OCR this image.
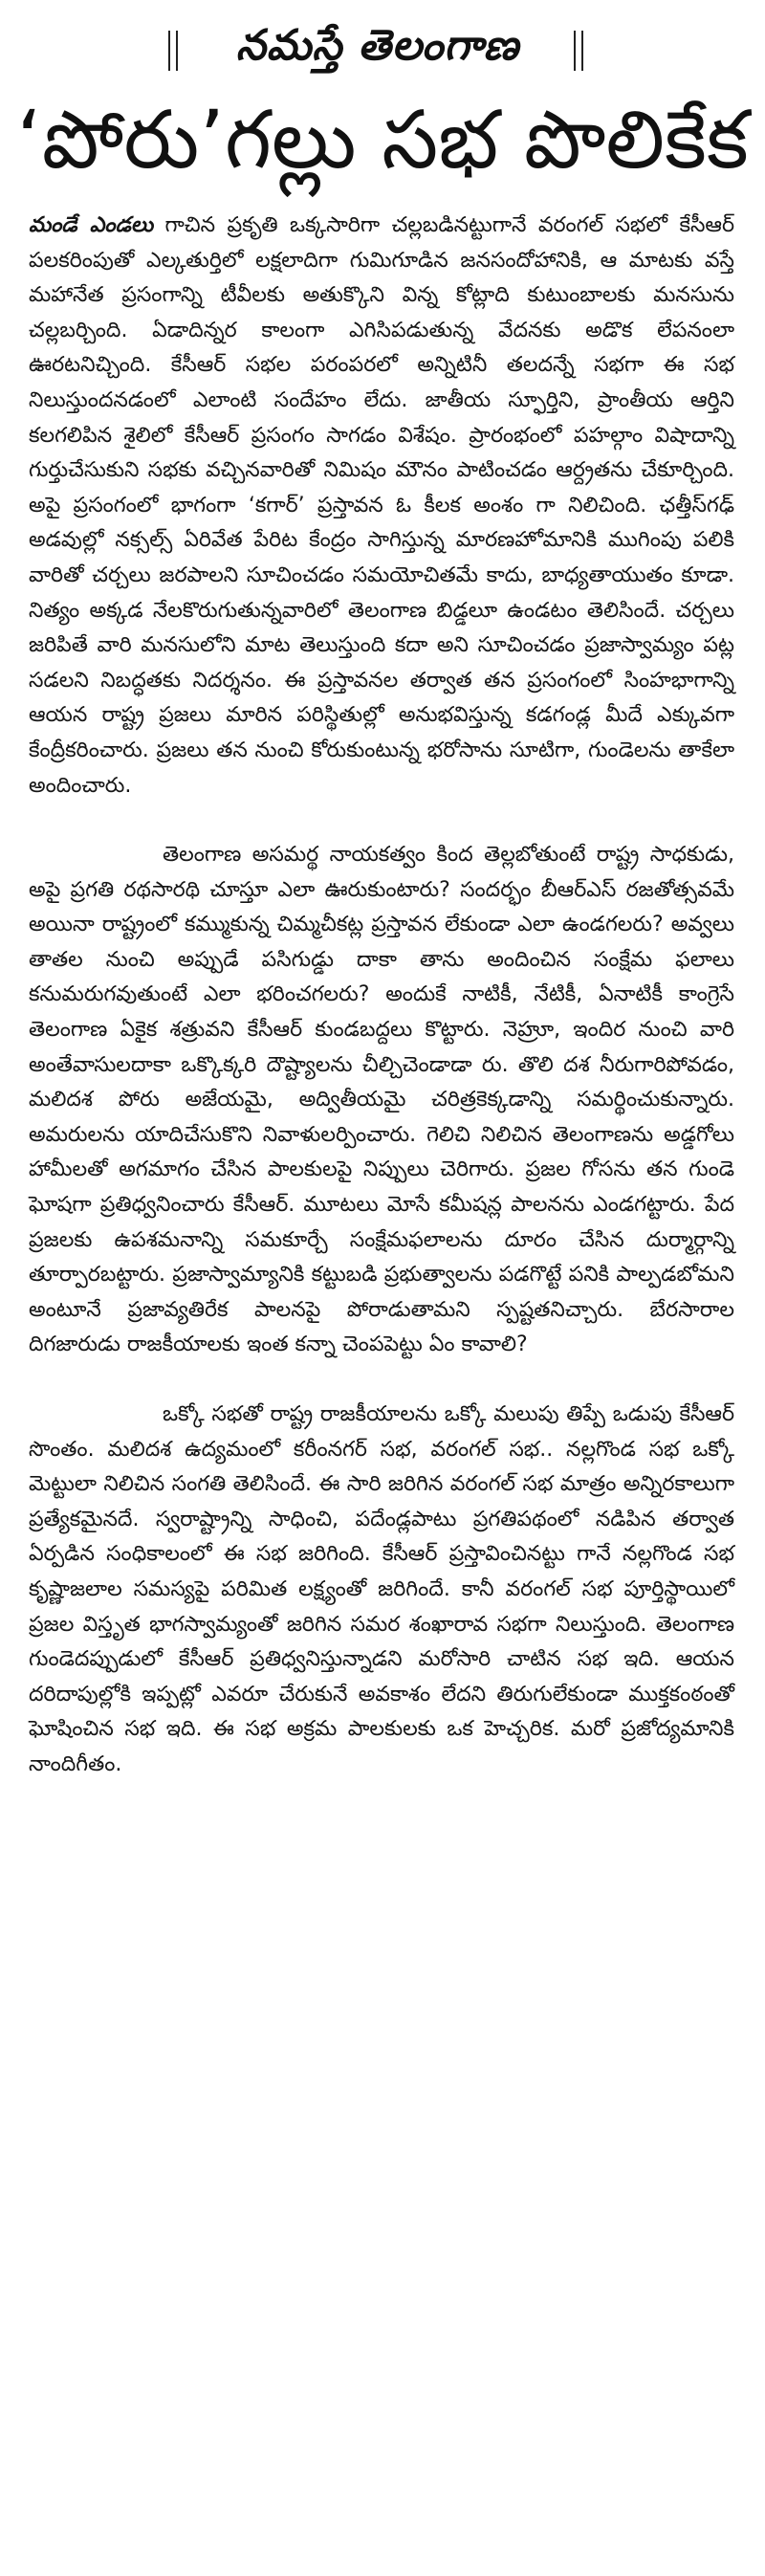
నమస్తే తెలంగాణ
‘పోరు’గల్లు సభ పొలికేక

మండే ఎండలు గాచిన ప్రకృతి ఒక్కసారిగా చల్లబడినట్టుగానే వరంగల్ సభలో కేసీఆర్ పలకరింపుతో ఎల్కతుర్తిలో లక్షలాదిగా గుమిగూడిన జనసందోహానికి, ఆ మాటకు వస్తే మహానేత ప్రసంగాన్ని టీవీలకు అతుక్కొని విన్న కోట్లాది కుటుంబాలకు మనసును చల్లబర్చింది. ఏడాదిన్నర కాలంగా ఎగిసిపడుతున్న వేదనకు అడొక లేపనంలా ఊరటనిచ్చింది. కేసీఆర్ సభల పరంపరలో అన్నిటినీ తలదన్నే సభగా ఈ సభ నిలుస్తుందనడంలో ఎలాంటి సందేహం లేదు. జాతీయ స్ఫూర్తిని, ప్రాంతీయ ఆర్తిని కలగలిపిన శైలిలో కేసీఆర్ ప్రసంగం సాగడం విశేషం. ప్రారంభంలో పహల్గాం విషాదాన్ని గుర్తుచేసుకుని సభకు వచ్చినవారితో నిమిషం మౌనం పాటించడం ఆర్ద్రతను చేకూర్చింది. అపై ప్రసంగంలో భాగంగా ‘కగార్’ ప్రస్తావన ఓ కీలక అంశం గా నిలిచింది. ఛత్తీస్‌గఢ్ అడవుల్లో నక్సల్స్ ఏరివేత పేరిట కేంద్రం సాగిస్తున్న మారణహోమానికి ముగింపు పలికి వారితో చర్చలు జరపాలని సూచించడం సమయోచితమే కాదు, బాధ్యతాయుతం కూడా. నిత్యం అక్కడ నేలకొరుగుతున్నవారిలో తెలంగాణ బిడ్డలూ ఉండటం తెలిసిందే. చర్చలు జరిపితే వారి మనసులోని మాట తెలుస్తుంది కదా అని సూచించడం ప్రజాస్వామ్యం పట్ల సడలని నిబద్ధతకు నిదర్శనం. ఈ ప్రస్తావనల తర్వాత తన ప్రసంగంలో సింహభాగాన్ని ఆయన రాష్ట్ర ప్రజలు మారిన పరిస్థితుల్లో అనుభవిస్తున్న కడగండ్ల మీదే ఎక్కువగా కేంద్రీకరించారు. ప్రజలు తన నుంచి కోరుకుంటున్న భరోసాను సూటిగా, గుండెలను తాకేలా అందించారు.

తెలంగాణ అసమర్థ నాయకత్వం కింద తెల్లబోతుంటే రాష్ట్ర సాధకుడు, అపై ప్రగతి రథసారథి చూస్తూ ఎలా ఊరుకుంటారు? సందర్భం బీఆర్ఎస్ రజతోత్సవమే అయినా రాష్ట్రంలో కమ్ముకున్న చిమ్మచీకట్ల ప్రస్తావన లేకుండా ఎలా ఉండగలరు? అవ్వలు తాతల నుంచి అప్పుడే పసిగుడ్డు దాకా తాను అందించిన సంక్షేమ ఫలాలు కనుమరుగవుతుంటే ఎలా భరించగలరు? అందుకే నాటికీ, నేటికీ, ఏనాటికీ కాంగ్రెసే తెలంగాణ ఏకైక శత్రువని కేసీఆర్ కుండబద్దలు కొట్టారు. నెహ్రూ, ఇందిర నుంచి వారి అంతేవాసులదాకా ఒక్కొక్కరి దౌష్ట్యాలను చీల్చిచెండాడా రు. తొలి దశ నీరుగారిపోవడం, మలిదశ పోరు అజేయమై, అద్వితీయమై చరిత్రకెక్కడాన్ని సమర్థించుకున్నారు. అమరులను యాదిచేసుకొని నివాళులర్పించారు. గెలిచి నిలిచిన తెలంగాణను అడ్డగోలు హామీలతో అగమాగం చేసిన పాలకులపై నిప్పులు చెరిగారు. ప్రజల గోసను తన గుండె ఘోషగా ప్రతిధ్వనించారు కేసీఆర్. మూటలు మోసే కమీషన్ల పాలనను ఎండగట్టారు. పేద ప్రజలకు ఉపశమనాన్ని సమకూర్చే సంక్షేమఫలాలను దూరం చేసిన దుర్మార్గాన్ని తూర్పారబట్టారు. ప్రజాస్వామ్యానికి కట్టుబడి ప్రభుత్వాలను పడగొట్టే పనికి పాల్పడబోమని అంటూనే ప్రజావ్యతిరేక పాలనపై పోరాడుతామని స్పష్టతనిచ్చారు. బేరసారాల దిగజారుడు రాజకీయాలకు ఇంత కన్నా చెంపపెట్టు ఏం కావాలి?

ఒక్కో సభతో రాష్ట్ర రాజకీయాలను ఒక్కో మలుపు తిప్పే ఒడుపు కేసీఆర్ సొంతం. మలిదశ ఉద్యమంలో కరీంనగర్ సభ, వరంగల్ సభ.. నల్లగొండ సభ ఒక్కో మెట్టులా నిలిచిన సంగతి తెలిసిందే. ఈ సారి జరిగిన వరంగల్ సభ మాత్రం అన్నిరకాలుగా ప్రత్యేకమైనదే. స్వరాష్ట్రాన్ని సాధించి, పదేండ్లపాటు ప్రగతిపథంలో నడిపిన తర్వాత ఏర్పడిన సంధికాలంలో ఈ సభ జరిగింది. కేసీఆర్ ప్రస్తావించినట్టు గానే నల్లగొండ సభ కృష్ణాజలాల సమస్యపై పరిమిత లక్ష్యంతో జరిగిందే. కానీ వరంగల్ సభ పూర్తిస్థాయిలో ప్రజల విస్తృత భాగస్వామ్యంతో జరిగిన సమర శంఖారావ సభగా నిలుస్తుంది. తెలంగాణ గుండెదప్పుడులో కేసీఆర్ ప్రతిధ్వనిస్తున్నాడని మరోసారి చాటిన సభ ఇది. ఆయన దరిదాపుల్లోకి ఇప్పట్లో ఎవరూ చేరుకునే అవకాశం లేదని తిరుగులేకుండా ముక్తకంఠంతో ఘోషించిన సభ ఇది. ఈ సభ అక్రమ పాలకులకు ఒక హెచ్చరిక. మరో ప్రజోద్యమానికి నాందిగీతం.
